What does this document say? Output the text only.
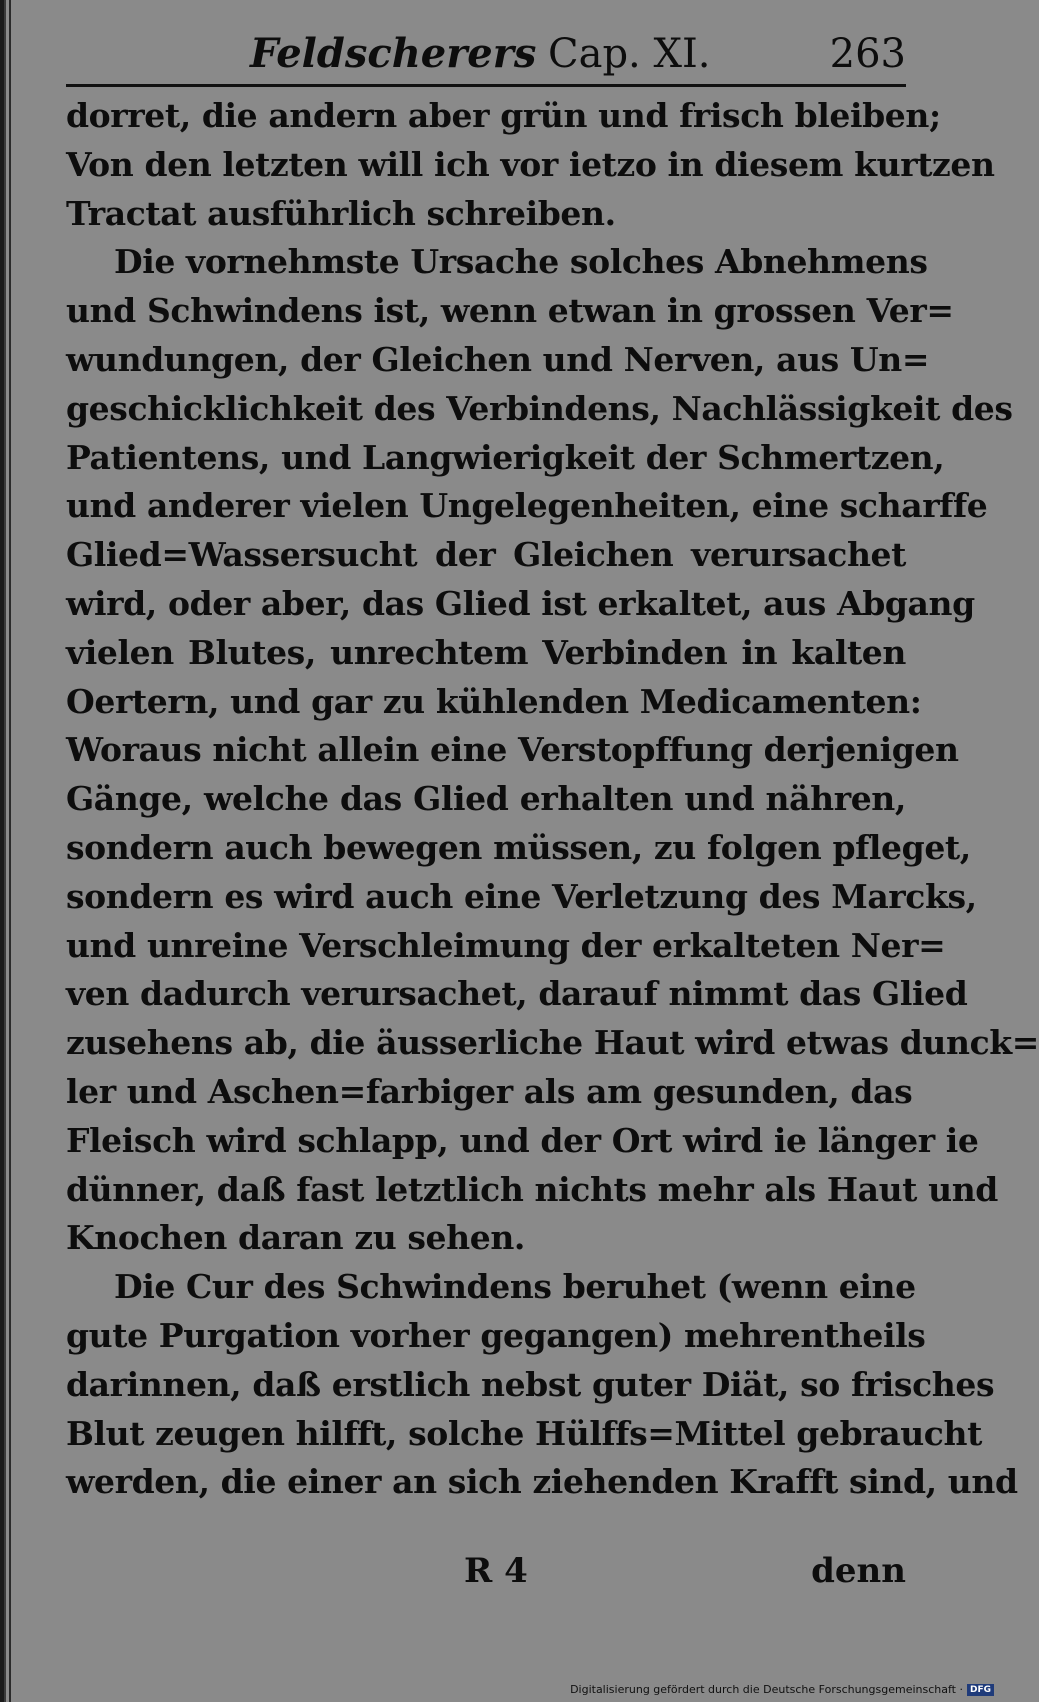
Feldscherers Cap. XI.	263
dorret, die andern aber grün und frisch bleiben;
Von den letzten will ich vor ietzo in diesem kurtzen
Tractat ausführlich schreiben.
Die vornehmste Ursache solches Abnehmens
und Schwindens ist, wenn etwan in grossen Ver=
wundungen, der Gleichen und Nerven, aus Un=
geschicklichkeit des Verbindens, Nachlässigkeit des
Patientens, und Langwierigkeit der Schmertzen,
und anderer vielen Ungelegenheiten, eine scharffe
Glied=Wassersucht der Gleichen verursachet
wird, oder aber, das Glied ist erkaltet, aus Abgang
vielen Blutes, unrechtem Verbinden in kalten
Oertern, und gar zu kühlenden Medicamenten:
Woraus nicht allein eine Verstopffung derjenigen
Gänge, welche das Glied erhalten und nähren,
sondern auch bewegen müssen, zu folgen pfleget,
sondern es wird auch eine Verletzung des Marcks,
und unreine Verschleimung der erkalteten Ner=
ven dadurch verursachet, darauf nimmt das Glied
zusehens ab, die äusserliche Haut wird etwas dunck=
ler und Aschen=farbiger als am gesunden, das
Fleisch wird schlapp, und der Ort wird ie länger ie
dünner, daß fast letztlich nichts mehr als Haut und
Knochen daran zu sehen.
Die Cur des Schwindens beruhet (wenn eine
gute Purgation vorher gegangen) mehrentheils
darinnen, daß erstlich nebst guter Diät, so frisches
Blut zeugen hilfft, solche Hülffs=Mittel gebraucht
werden, die einer an sich ziehenden Krafft sind, und
R 4	denn
Digitalisierung gefördert durch die Deutsche Forschungsgemeinschaft · DFG
